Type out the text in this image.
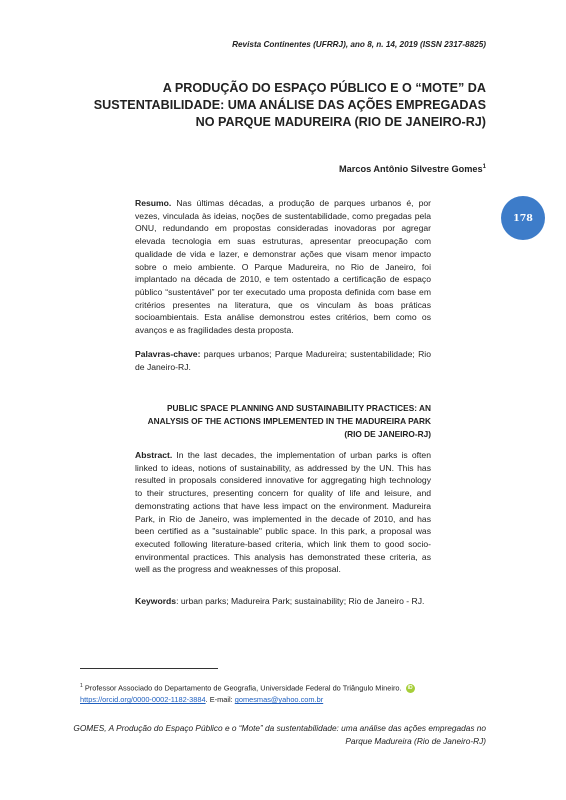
Revista Continentes (UFRRJ), ano 8, n. 14, 2019 (ISSN 2317-8825)
A PRODUÇÃO DO ESPAÇO PÚBLICO E O “MOTE” DA SUSTENTABILIDADE: UMA ANÁLISE DAS AÇÕES EMPREGADAS NO PARQUE MADUREIRA (RIO DE JANEIRO-RJ)
Marcos Antônio Silvestre Gomes$^1$
178
Resumo. Nas últimas décadas, a produção de parques urbanos é, por vezes, vinculada às ideias, noções de sustentabilidade, como pregadas pela ONU, redundando em propostas consideradas inovadoras por agregar elevada tecnologia em suas estruturas, apresentar preocupação com qualidade de vida e lazer, e demonstrar ações que visam menor impacto sobre o meio ambiente. O Parque Madureira, no Rio de Janeiro, foi implantado na década de 2010, e tem ostentado a certificação de espaço público “sustentável” por ter executado uma proposta definida com base em critérios presentes na literatura, que os vinculam às boas práticas socioambientais. Esta análise demonstrou estes critérios, bem como os avanços e as fragilidades desta proposta.
Palavras-chave: parques urbanos; Parque Madureira; sustentabilidade; Rio de Janeiro-RJ.
PUBLIC SPACE PLANNING AND SUSTAINABILITY PRACTICES: AN ANALYSIS OF THE ACTIONS IMPLEMENTED IN THE MADUREIRA PARK (RIO DE JANEIRO-RJ)
Abstract. In the last decades, the implementation of urban parks is often linked to ideas, notions of sustainability, as addressed by the UN. This has resulted in proposals considered innovative for aggregating high technology to their structures, presenting concern for quality of life and leisure, and demonstrating actions that have less impact on the environment. Madureira Park, in Rio de Janeiro, was implemented in the decade of 2010, and has been certified as a "sustainable" public space. In this park, a proposal was executed following literature-based criteria, which link them to good socio-environmental practices. This analysis has demonstrated these criteria, as well as the progress and weaknesses of this proposal.
Keywords: urban parks; Madureira Park; sustainability; Rio de Janeiro - RJ.
$^1$ Professor Associado do Departamento de Geografia, Universidade Federal do Triângulo Mineiro. iD
https://orcid.org/0000-0002-1182-3884. E-mail: gomesmas@yahoo.com.br
GOMES, A Produção do Espaço Público e o “Mote” da sustentabilidade: uma análise das ações empregadas no Parque Madureira (Rio de Janeiro-RJ)
